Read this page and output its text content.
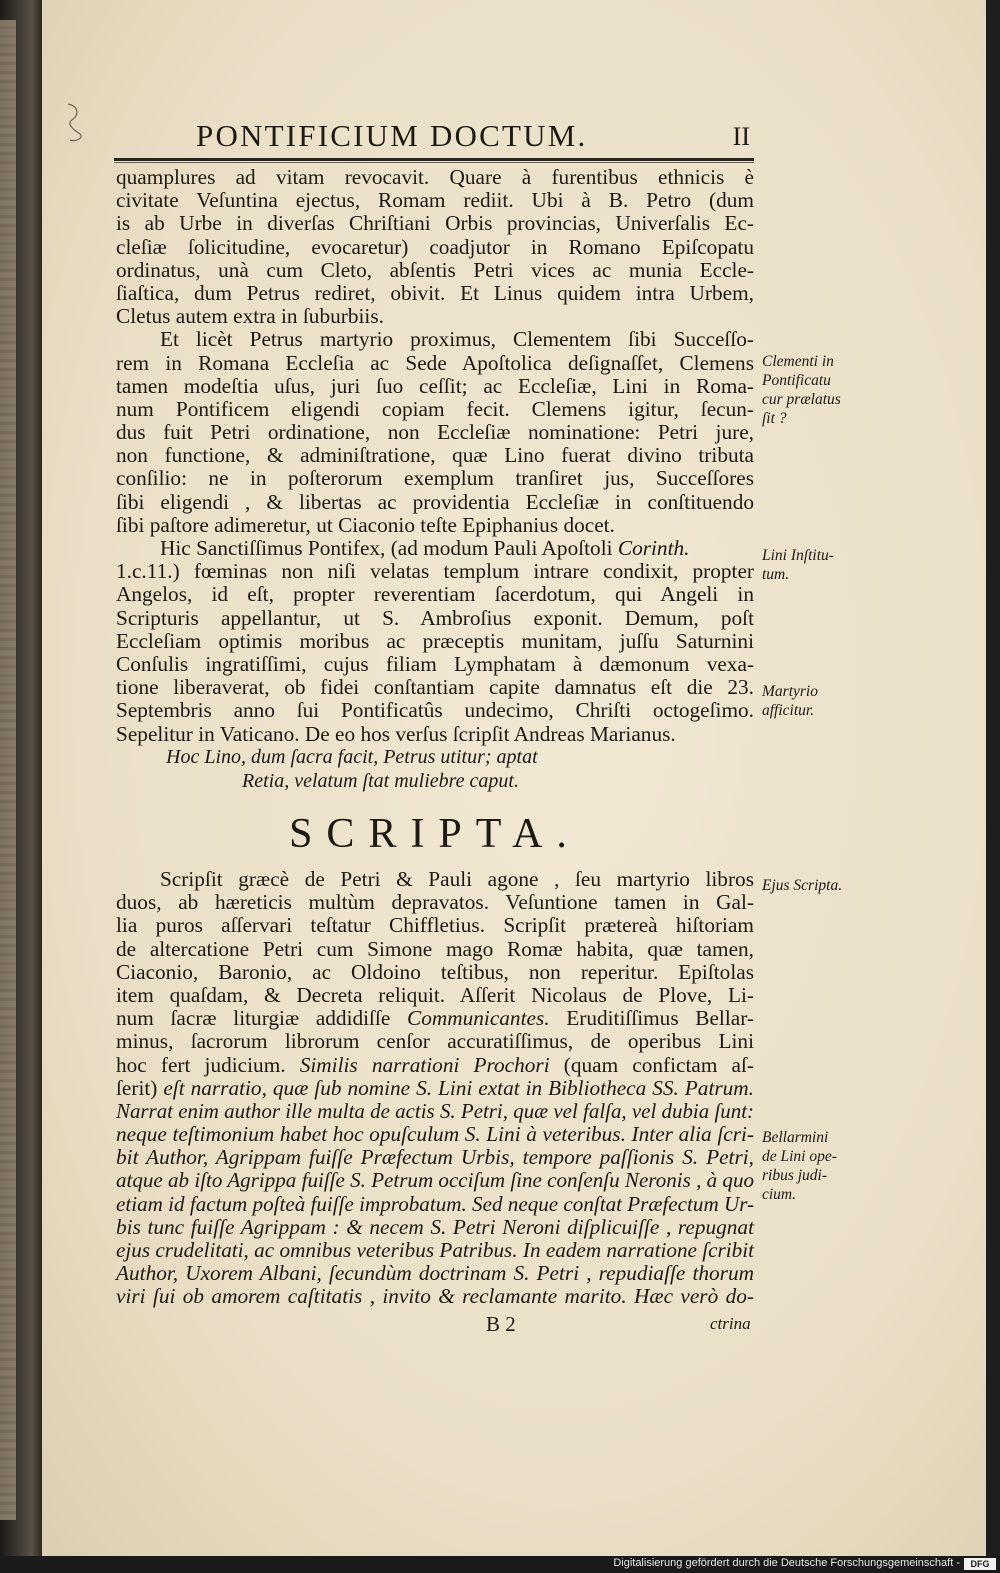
PONTIFICIUM DOCTUM.	II
quamplures ad vitam revocavit. Quare à furentibus ethnicis è
civitate Veſuntina ejectus, Romam rediit. Ubi à B. Petro (dum
is ab Urbe in diverſas Chriſtiani Orbis provincias, Univerſalis Ec-
cleſiæ ſolicitudine, evocaretur) coadjutor in Romano Epiſcopatu
ordinatus, unà cum Cleto, abſentis Petri vices ac munia Eccle-
ſiaſtica, dum Petrus rediret, obivit. Et Linus quidem intra Urbem,
Cletus autem extra in ſuburbiis.
Et licèt Petrus martyrio proximus, Clementem ſibi Succeſſo-
rem in Romana Eccleſia ac Sede Apoſtolica deſignaſſet, Clemens
tamen modeſtia uſus, juri ſuo ceſſit; ac Eccleſiæ, Lini in Roma-
num Pontificem eligendi copiam fecit. Clemens igitur, ſecun-
dus fuit Petri ordinatione, non Eccleſiæ nominatione: Petri jure,
non functione, & adminiſtratione, quæ Lino fuerat divino tributa
conſilio: ne in poſterorum exemplum tranſiret jus, Succeſſores
ſibi eligendi , & libertas ac providentia Eccleſiæ in conſtituendo
ſibi paſtore adimeretur, ut Ciaconio teſte Epiphanius docet.
Hic Sanctiſſimus Pontifex, (ad modum Pauli Apoſtoli Corinth.
1.c.11.) fœminas non niſi velatas templum intrare condixit, propter
Angelos, id eſt, propter reverentiam ſacerdotum, qui Angeli in
Scripturis appellantur, ut S. Ambroſius exponit. Demum, poſt
Eccleſiam optimis moribus ac præceptis munitam, juſſu Saturnini
Conſulis ingratiſſimi, cujus filiam Lymphatam à dæmonum vexa-
tione liberaverat, ob fidei conſtantiam capite damnatus eſt die 23.
Septembris anno ſui Pontificatûs undecimo, Chriſti octogeſimo.
Sepelitur in Vaticano. De eo hos verſus ſcripſit Andreas Marianus.
Hoc Lino, dum ſacra facit, Petrus utitur; aptat
Retia, velatum ſtat muliebre caput.
SCRIPTA.
Scripſit græcè de Petri & Pauli agone , ſeu martyrio libros
duos, ab hæreticis multùm depravatos. Veſuntione tamen in Gal-
lia puros aſſervari teſtatur Chiffletius. Scripſit prætereà hiſtoriam
de altercatione Petri cum Simone mago Romæ habita, quæ tamen,
Ciaconio, Baronio, ac Oldoino teſtibus, non reperitur. Epiſtolas
item quaſdam, & Decreta reliquit. Aſſerit Nicolaus de Plove, Li-
num ſacræ liturgiæ addidiſſe Communicantes. Eruditiſſimus Bellar-
minus, ſacrorum librorum cenſor accuratiſſimus, de operibus Lini
hoc fert judicium. Similis narrationi Prochori (quam confictam aſ-
ſerit) eſt narratio, quæ ſub nomine S. Lini extat in Bibliotheca SS. Patrum.
Narrat enim author ille multa de actis S. Petri, quæ vel falſa, vel dubia ſunt:
neque teſtimonium habet hoc opuſculum S. Lini à veteribus. Inter alia ſcri-
bit Author, Agrippam fuiſſe Præfectum Urbis, tempore paſſionis S. Petri,
atque ab iſto Agrippa fuiſſe S. Petrum occiſum ſine conſenſu Neronis , à quo
etiam id factum poſteà fuiſſe improbatum. Sed neque conſtat Præfectum Ur-
bis tunc fuiſſe Agrippam : & necem S. Petri Neroni diſplicuiſſe , repugnat
ejus crudelitati, ac omnibus veteribus Patribus. In eadem narratione ſcribit
Author, Uxorem Albani, ſecundùm doctrinam S. Petri , repudiaſſe thorum
viri ſui ob amorem caſtitatis , invito & reclamante marito. Hæc verò do-
Clementi in
Pontificatu
cur prælatus
ſit ?
Lini Inſtitu-
tum.
Martyrio
afficitur.
Ejus Scripta.
Bellarmini
de Lini ope-
ribus judi-
cium.
B 2	ctrina
Digitalisierung gefördert durch die Deutsche Forschungsgemeinschaft -	DFG
